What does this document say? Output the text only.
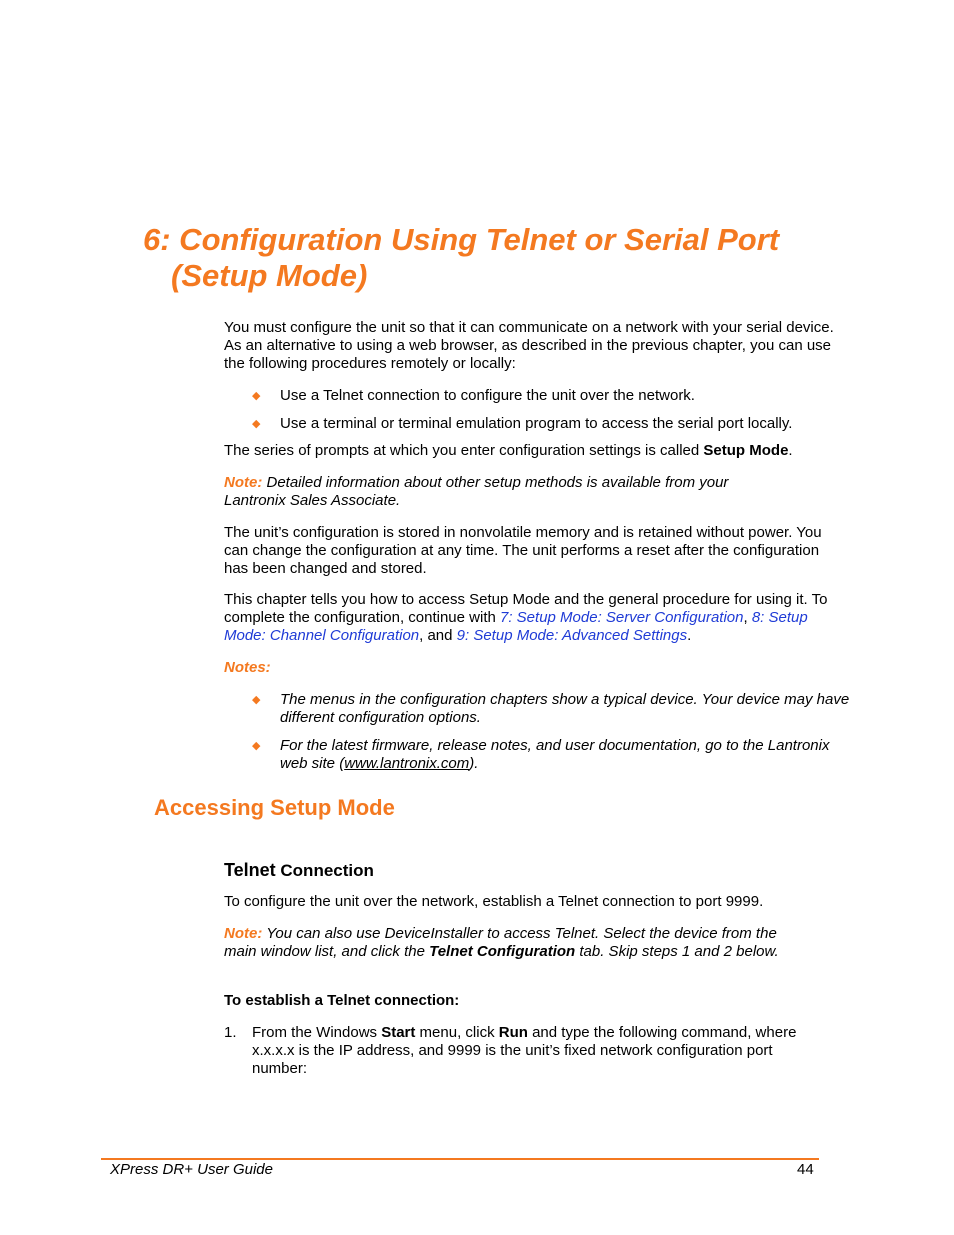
6: Configuration Using Telnet or Serial Port
(Setup Mode)
You must configure the unit so that it can communicate on a network with your serial device. As an alternative to using a web browser, as described in the previous chapter, you can use the following procedures remotely or locally:
◆ Use a Telnet connection to configure the unit over the network.
◆ Use a terminal or terminal emulation program to access the serial port locally.
The series of prompts at which you enter configuration settings is called Setup Mode.
Note: Detailed information about other setup methods is available from your Lantronix Sales Associate.
The unit’s configuration is stored in nonvolatile memory and is retained without power. You can change the configuration at any time. The unit performs a reset after the configuration has been changed and stored.
This chapter tells you how to access Setup Mode and the general procedure for using it. To complete the configuration, continue with 7: Setup Mode: Server Configuration, 8: Setup Mode: Channel Configuration, and 9: Setup Mode: Advanced Settings.
Notes:
◆ The menus in the configuration chapters show a typical device. Your device may have different configuration options.
◆ For the latest firmware, release notes, and user documentation, go to the Lantronix web site (www.lantronix.com).
Accessing Setup Mode
Telnet Connection
To configure the unit over the network, establish a Telnet connection to port 9999.
Note: You can also use DeviceInstaller to access Telnet. Select the device from the main window list, and click the Telnet Configuration tab. Skip steps 1 and 2 below.
To establish a Telnet connection:
1. From the Windows Start menu, click Run and type the following command, where x.x.x.x is the IP address, and 9999 is the unit’s fixed network configuration port number:
XPress DR+ User Guide	44
